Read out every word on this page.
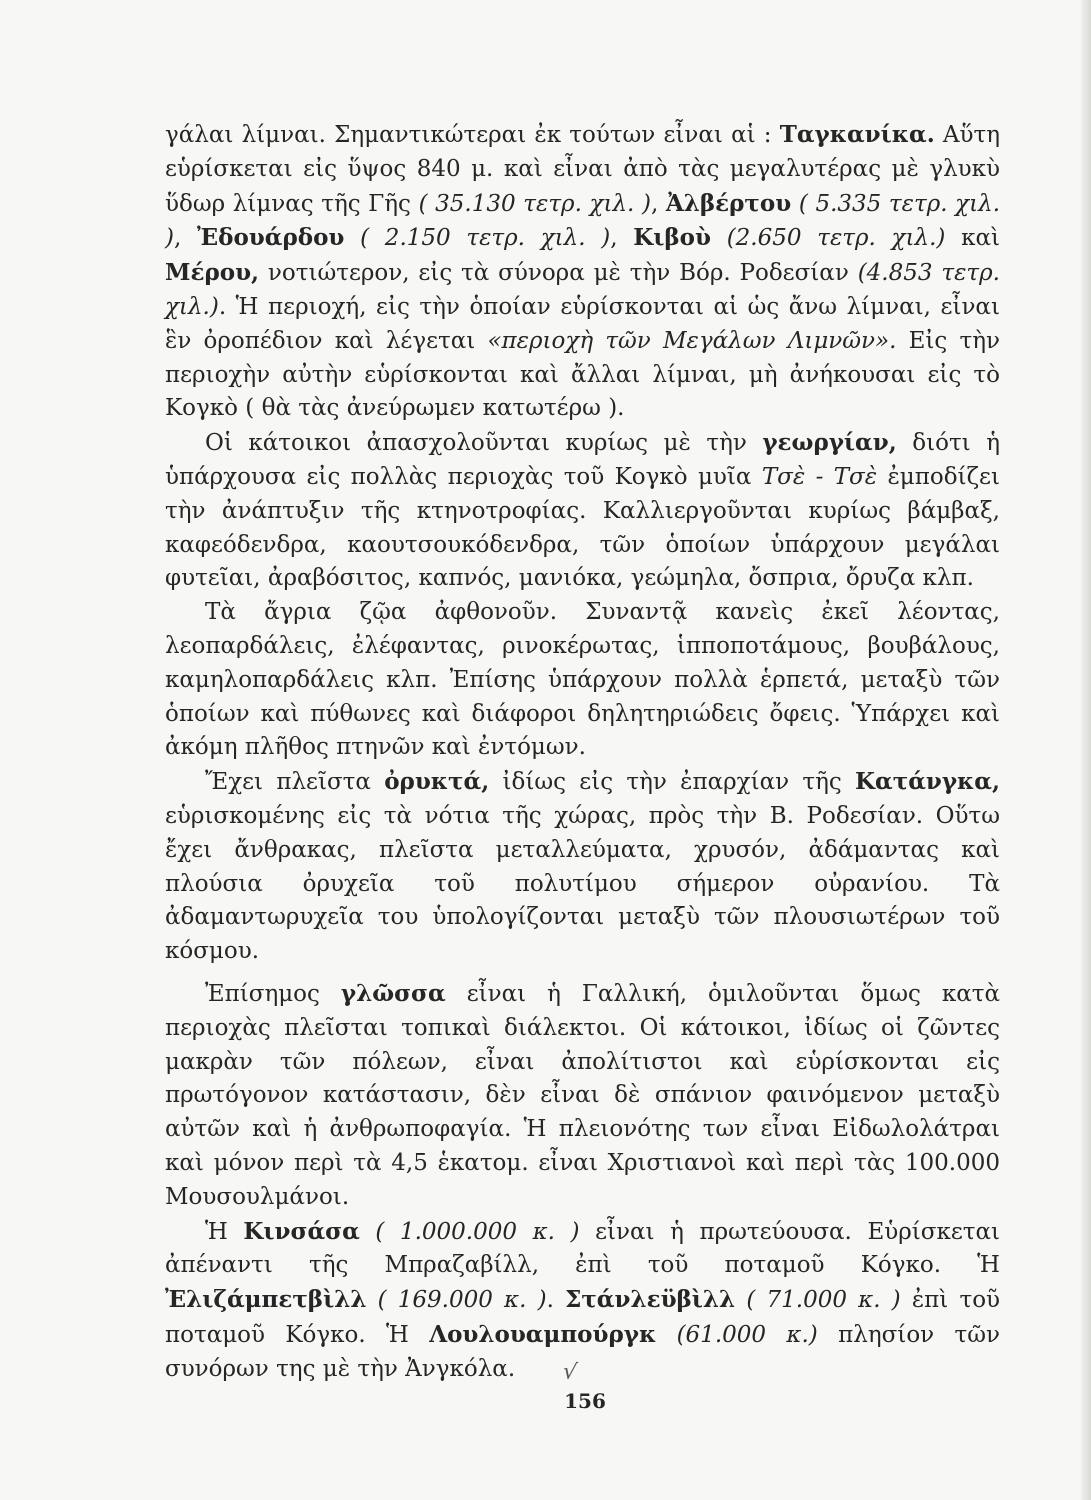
γάλαι λίμναι. Σημαντικώτεραι ἐκ τούτων εἶναι αἱ : Ταγκανίκα. Αὕτη εὑρίσκεται εἰς ὕψος 840 μ. καὶ εἶναι ἀπὸ τὰς μεγαλυτέρας μὲ γλυκὺ ὕδωρ λίμνας τῆς Γῆς ( 35.130 τετρ. χιλ. ), Ἀλβέρτου ( 5.335 τετρ. χιλ. ), Ἐδουάρδου ( 2.150 τετρ. χιλ. ), Κιβοὺ (2.650 τετρ. χιλ.) καὶ Μέρου, νοτιώτερον, εἰς τὰ σύνορα μὲ τὴν Βόρ. Ροδεσίαν (4.853 τετρ. χιλ.). Ἡ περιοχή, εἰς τὴν ὁποίαν εὑρίσκονται αἱ ὡς ἄνω λίμναι, εἶναι ἓν ὀροπέδιον καὶ λέγεται «περιοχὴ τῶν Μεγάλων Λιμνῶν». Εἰς τὴν περιοχὴν αὐτὴν εὑρίσκονται καὶ ἄλλαι λίμναι, μὴ ἀνήκουσαι εἰς τὸ Κογκὸ ( θὰ τὰς ἀνεύρωμεν κατωτέρω ).

Οἱ κάτοικοι ἀπασχολοῦνται κυρίως μὲ τὴν γεωργίαν, διότι ἡ ὑπάρχουσα εἰς πολλὰς περιοχὰς τοῦ Κογκὸ μυῖα Τσὲ - Τσὲ ἐμποδίζει τὴν ἀνάπτυξιν τῆς κτηνοτροφίας. Καλλιεργοῦνται κυρίως βάμβαξ, καφεόδενδρα, καουτσουκόδενδρα, τῶν ὁποίων ὑπάρχουν μεγάλαι φυτεῖαι, ἀραβόσιτος, καπνός, μανιόκα, γεώμηλα, ὄσπρια, ὄρυζα κλπ.

Τὰ ἄγρια ζῷα ἀφθονοῦν. Συναντᾷ κανεὶς ἐκεῖ λέοντας, λεοπαρδάλεις, ἐλέφαντας, ρινοκέρωτας, ἱπποποτάμους, βουβάλους, καμηλοπαρδάλεις κλπ. Ἐπίσης ὑπάρχουν πολλὰ ἑρπετά, μεταξὺ τῶν ὁποίων καὶ πύθωνες καὶ διάφοροι δηλητηριώδεις ὄφεις. Ὑπάρχει καὶ ἀκόμη πλῆθος πτηνῶν καὶ ἐντόμων.

Ἔχει πλεῖστα ὀρυκτά, ἰδίως εἰς τὴν ἐπαρχίαν τῆς Κατάνγκα, εὑρισκομένης εἰς τὰ νότια τῆς χώρας, πρὸς τὴν Β. Ροδεσίαν. Οὕτω ἔχει ἄνθρακας, πλεῖστα μεταλλεύματα, χρυσόν, ἀδάμαντας καὶ πλούσια ὀρυχεῖα τοῦ πολυτίμου σήμερον οὐρανίου. Τὰ ἀδαμαντωρυχεῖα του ὑπολογίζονται μεταξὺ τῶν πλουσιωτέρων τοῦ κόσμου.

Ἐπίσημος γλῶσσα εἶναι ἡ Γαλλική, ὁμιλοῦνται ὅμως κατὰ περιοχὰς πλεῖσται τοπικαὶ διάλεκτοι. Οἱ κάτοικοι, ἰδίως οἱ ζῶντες μακρὰν τῶν πόλεων, εἶναι ἀπολίτιστοι καὶ εὑρίσκονται εἰς πρωτόγονον κατάστασιν, δὲν εἶναι δὲ σπάνιον φαινόμενον μεταξὺ αὐτῶν καὶ ἡ ἀνθρωποφαγία. Ἡ πλειονότης των εἶναι Εἰδωλολάτραι καὶ μόνον περὶ τὰ 4,5 ἑκατομ. εἶναι Χριστιανοὶ καὶ περὶ τὰς 100.000 Μουσουλμάνοι.

Ἡ Κινσάσα ( 1.000.000 κ. ) εἶναι ἡ πρωτεύουσα. Εὑρίσκεται ἀπέναντι τῆς Μπραζαβίλλ, ἐπὶ τοῦ ποταμοῦ Κόγκο. Ἡ Ἐλιζάμπετβὶλλ ( 169.000 κ. ). Στάνλεϋβὶλλ ( 71.000 κ. ) ἐπὶ τοῦ ποταμοῦ Κόγκο. Ἡ Λουλουαμπούργκ (61.000 κ.) πλησίον τῶν συνόρων της μὲ τὴν Ἀνγκόλα. √

156
